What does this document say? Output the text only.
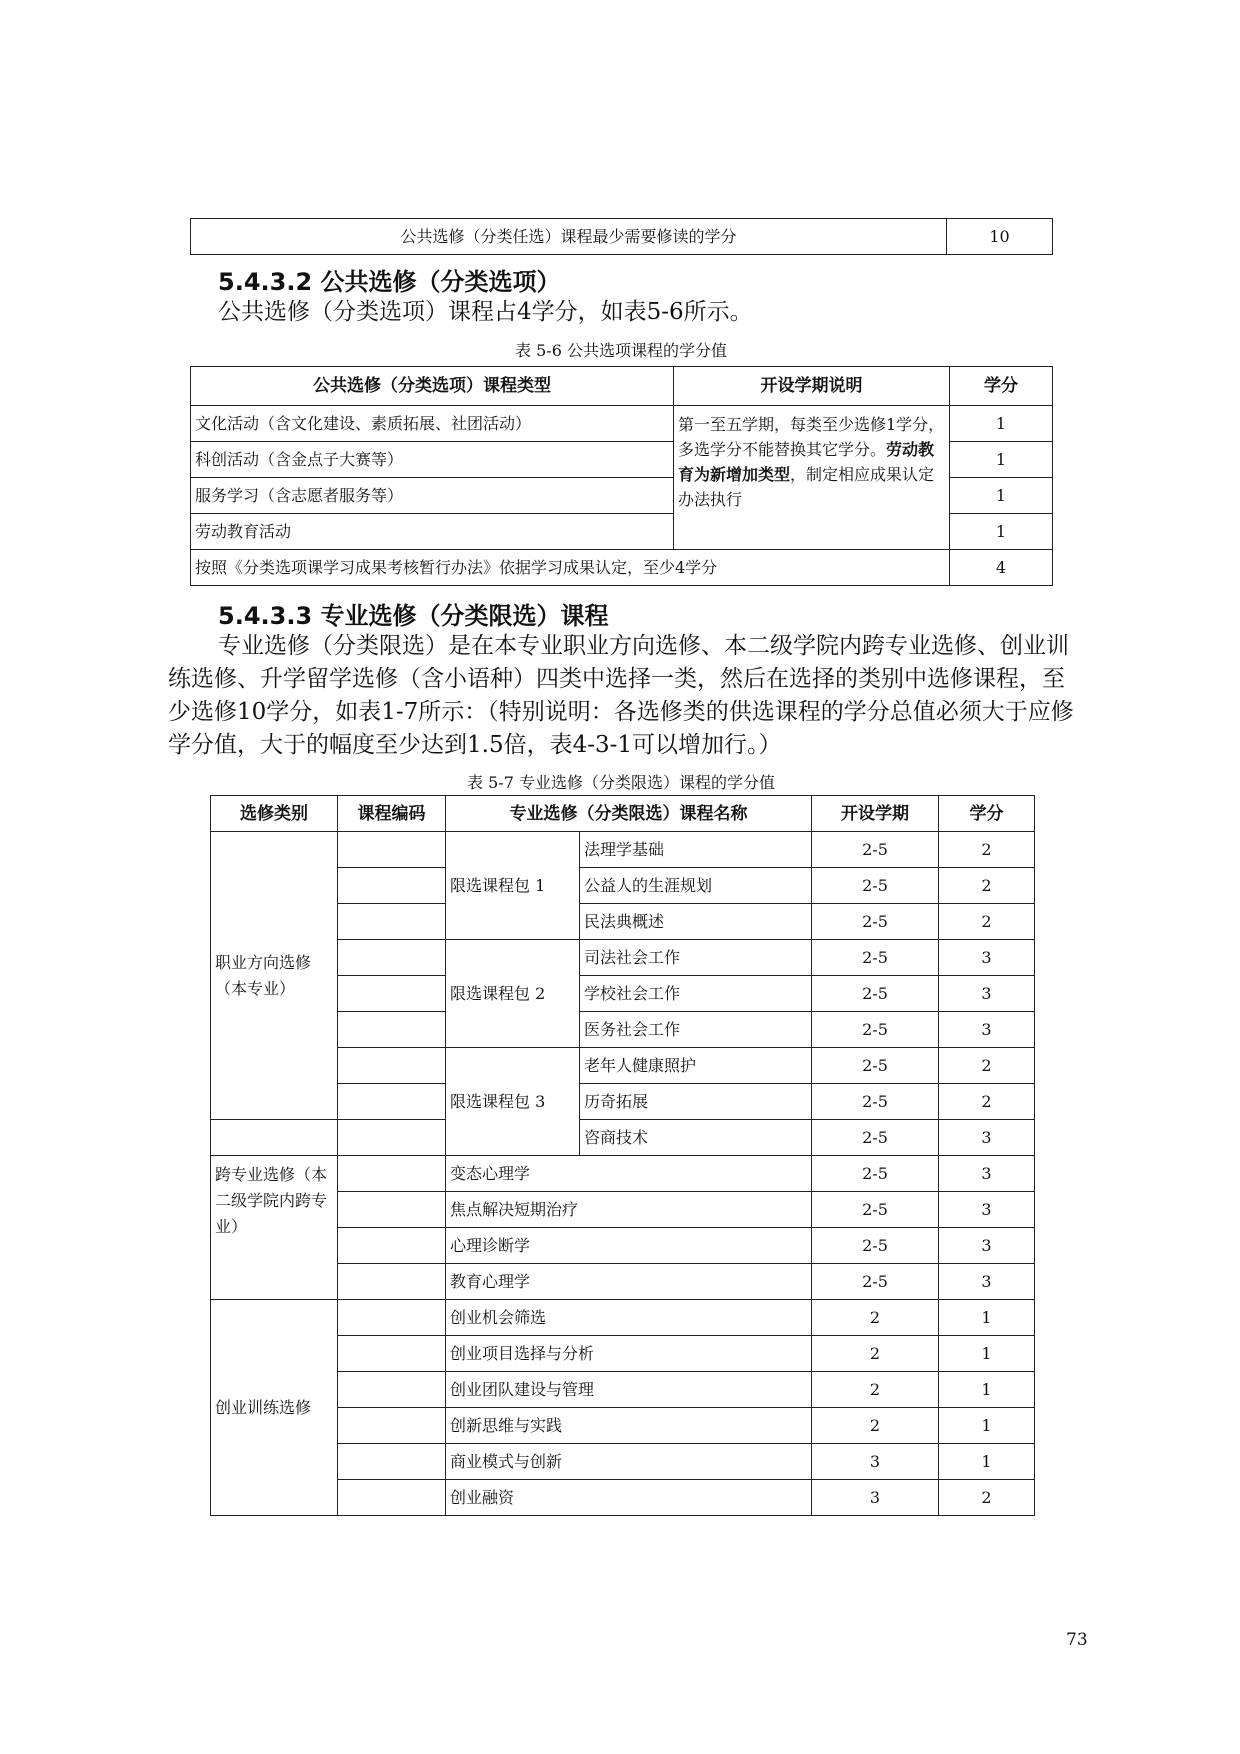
公共选修（分类任选）课程最少需要修读的学分	10
5.4.3.2 公共选修（分类选项）
公共选修（分类选项）课程占4学分，如表5-6所示。
表 5-6 公共选项课程的学分值
公共选修（分类选项）课程类型	开设学期说明	学分
文化活动（含文化建设、素质拓展、社团活动）	第一至五学期，每类至少选修1学分，多选学分不能替换其它学分。劳动教育为新增加类型，制定相应成果认定办法执行	1
科创活动（含金点子大赛等）		1
服务学习（含志愿者服务等）		1
劳动教育活动		1
按照《分类选项课学习成果考核暂行办法》依据学习成果认定，至少4学分		4
5.4.3.3 专业选修（分类限选）课程
专业选修（分类限选）是在本专业职业方向选修、本二级学院内跨专业选修、创业训练选修、升学留学选修（含小语种）四类中选择一类，然后在选择的类别中选修课程，至少选修10学分，如表1-7所示：（特别说明：各选修类的供选课程的学分总值必须大于应修学分值，大于的幅度至少达到1.5倍，表4-3-1可以增加行。）
表 5-7 专业选修（分类限选）课程的学分值
选修类别	课程编码	专业选修（分类限选）课程名称		开设学期	学分
职业方向选修（本专业）		限选课程包 1	法理学基础	2-5	2
			公益人的生涯规划	2-5	2
			民法典概述	2-5	2
		限选课程包 2	司法社会工作	2-5	3
			学校社会工作	2-5	3
			医务社会工作	2-5	3
		限选课程包 3	老年人健康照护	2-5	2
			历奇拓展	2-5	2
			咨商技术	2-5	3
跨专业选修（本二级学院内跨专业）		变态心理学		2-5	3
		焦点解决短期治疗		2-5	3
		心理诊断学		2-5	3
		教育心理学		2-5	3
创业训练选修		创业机会筛选		2	1
		创业项目选择与分析		2	1
		创业团队建设与管理		2	1
		创新思维与实践		2	1
		商业模式与创新		3	1
		创业融资		3	2
73
